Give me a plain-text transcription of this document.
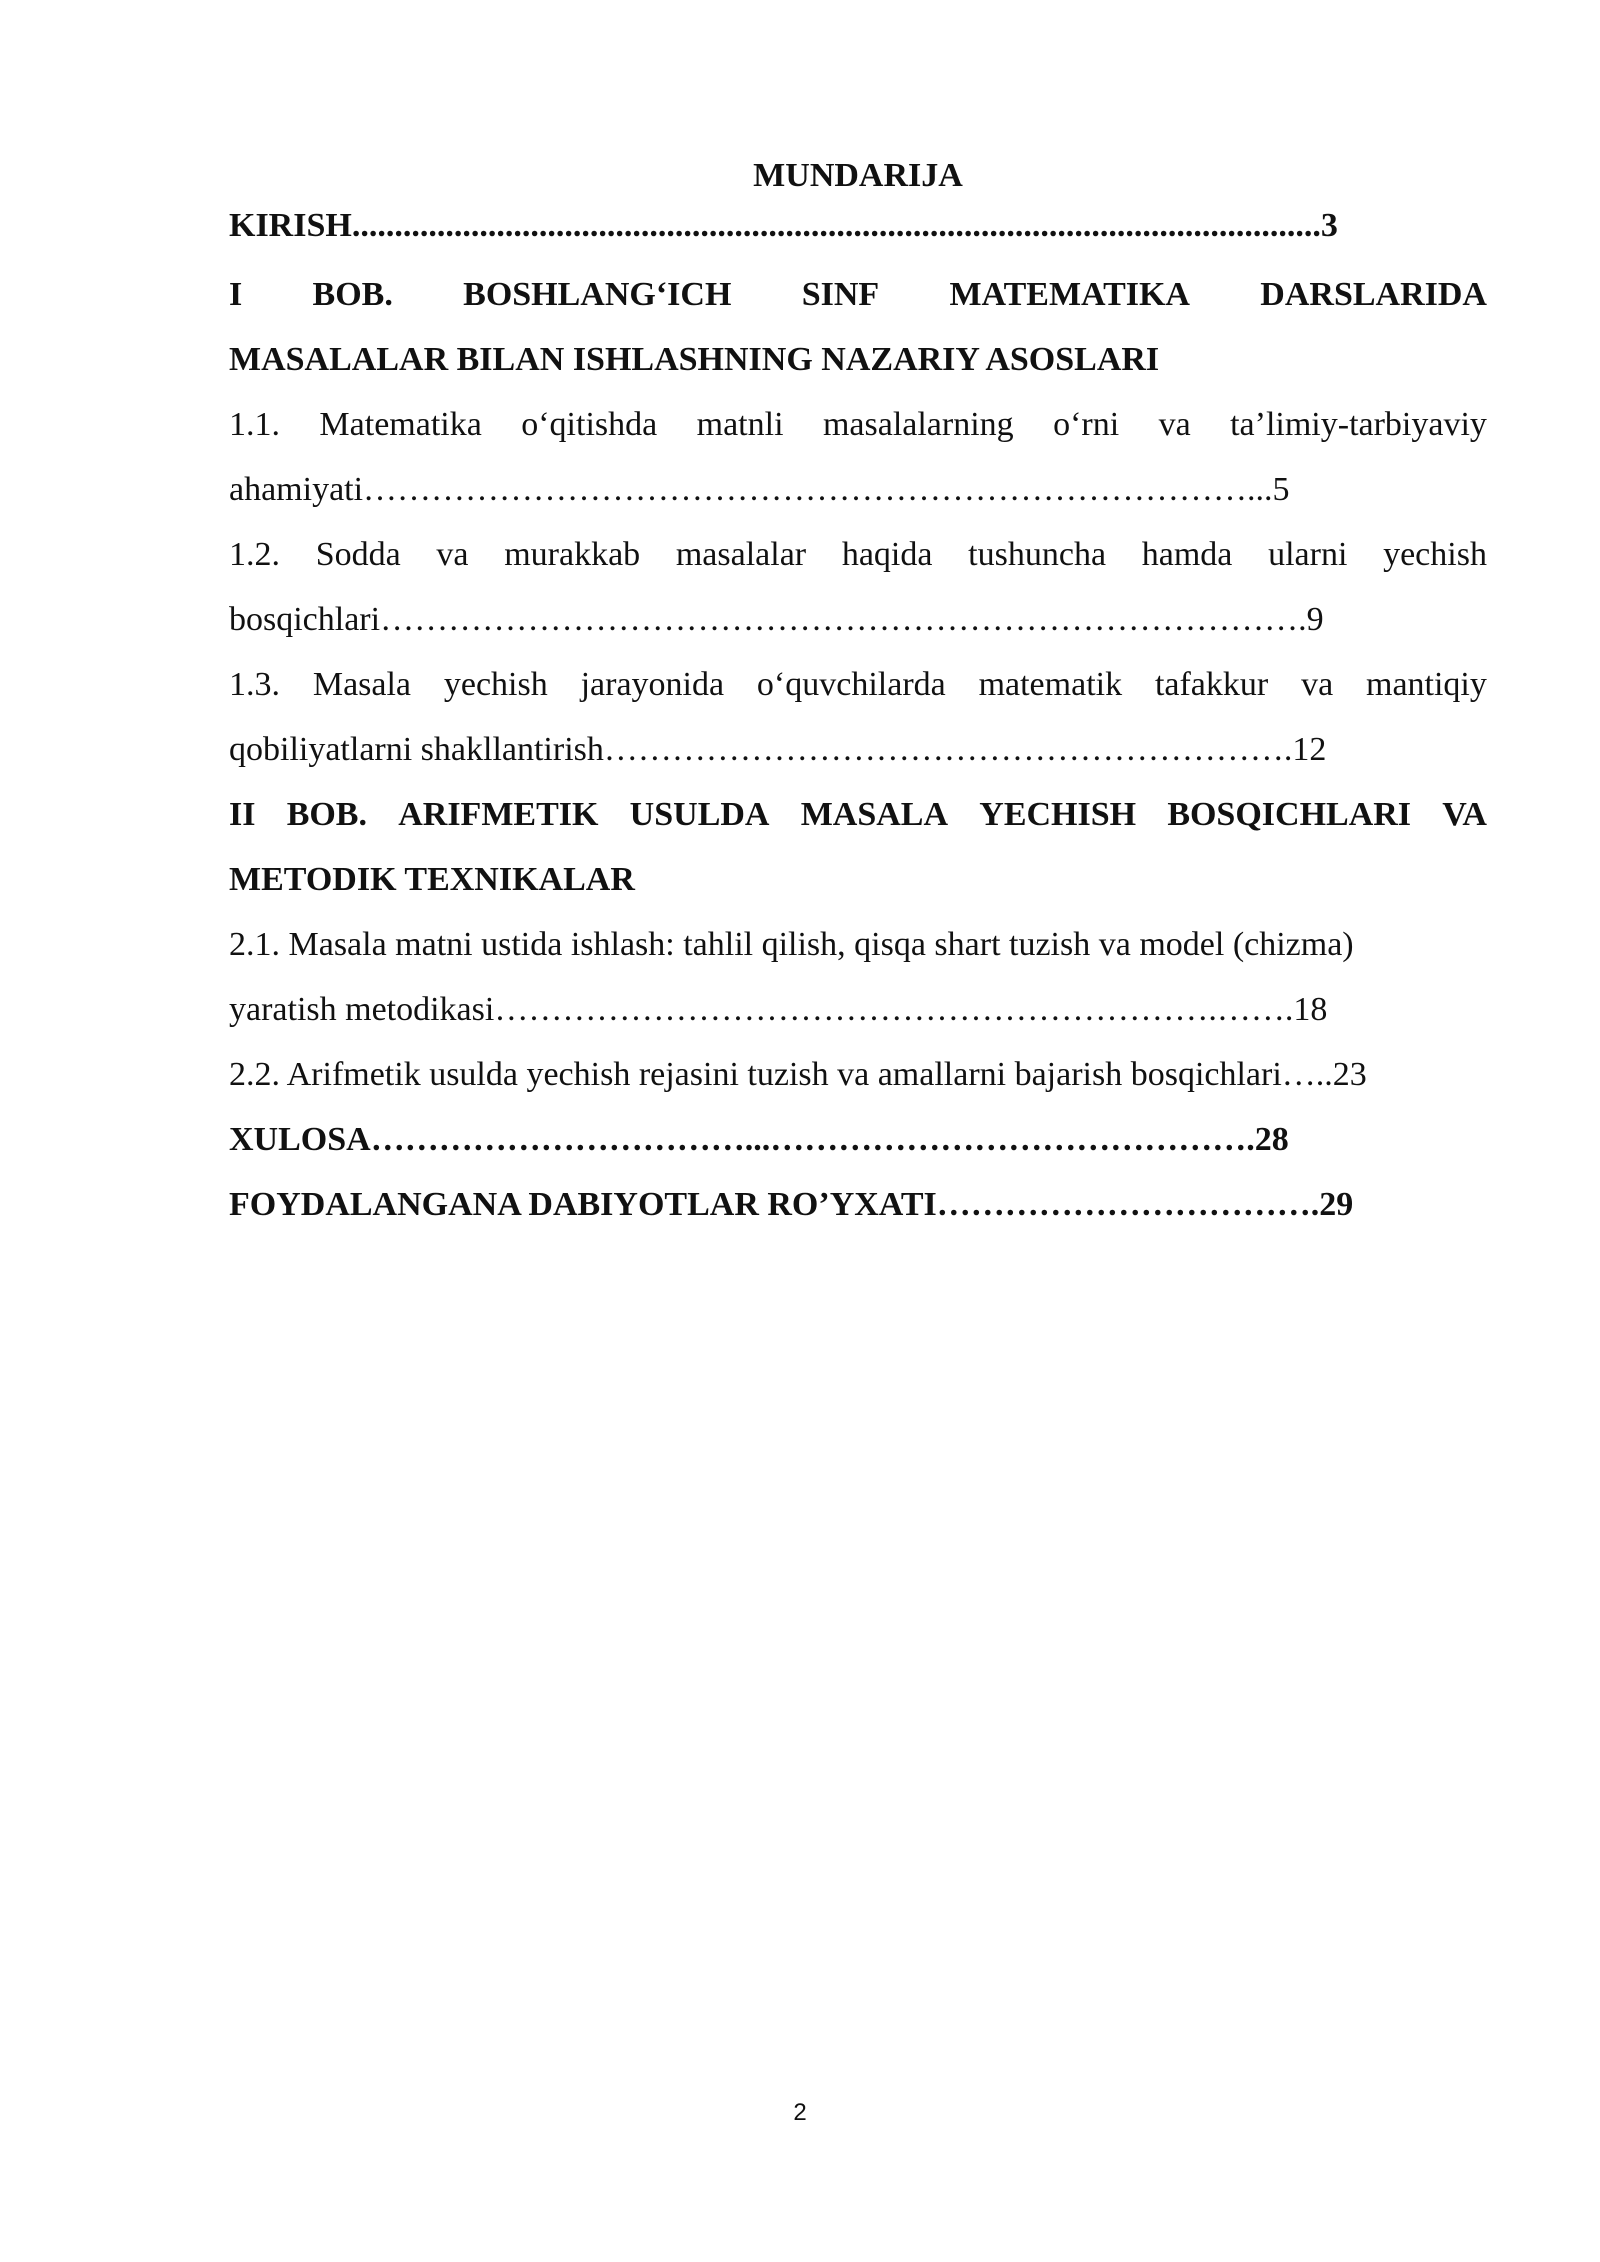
MUNDARIJA
KIRISH..................................................................................................................3
I BOB. BOSHLANG‘ICH SINF MATEMATIKA DARSLARIDA
MASALALAR BILAN ISHLASHNING NAZARIY ASOSLARI
1.1. Matematika o‘qitishda matnli masalalarning o‘rni va ta’limiy-tarbiyaviy
ahamiyati……………………………………………………………………...5
1.2. Sodda va murakkab masalalar haqida tushuncha hamda ularni yechish
bosqichlari……………………………………………………………………….9
1.3. Masala yechish jarayonida o‘quvchilarda matematik tafakkur va mantiqiy
qobiliyatlarni shakllantirish…………………………………………………….12
II BOB. ARIFMETIK USULDA MASALA YECHISH BOSQICHLARI VA
METODIK TEXNIKALAR
2.1. Masala matni ustida ishlash: tahlil qilish, qisqa shart tuzish va model (chizma)
yaratish metodikasi……………………………………………………….…….18
2.2. Arifmetik usulda yechish rejasini tuzish va amallarni bajarish bosqichlari…..23
XULOSA……………………………...…………………………………….28
FOYDALANGANA DABIYOTLAR RO’YXATI…………………………….29
2
